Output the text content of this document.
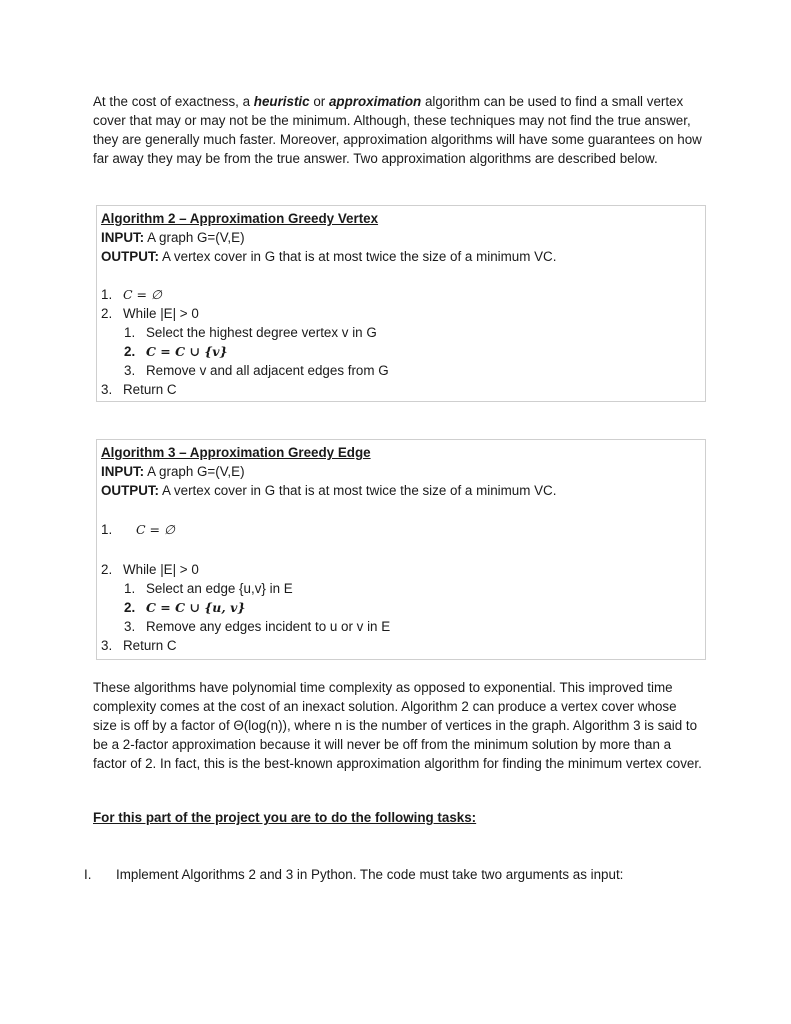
At the cost of exactness, a heuristic or approximation algorithm can be used to find a small vertex cover that may or may not be the minimum. Although, these techniques may not find the true answer, they are generally much faster. Moreover, approximation algorithms will have some guarantees on how far away they may be from the true answer. Two approximation algorithms are described below.

Algorithm 2 – Approximation Greedy Vertex
INPUT: A graph G=(V,E)
OUTPUT: A vertex cover in G that is at most twice the size of a minimum VC.
1. C = ∅
2. While |E| > 0
1. Select the highest degree vertex v in G
2. C = C ∪ {v}
3. Remove v and all adjacent edges from G
3. Return C
Algorithm 3 – Approximation Greedy Edge
INPUT: A graph G=(V,E)
OUTPUT: A vertex cover in G that is at most twice the size of a minimum VC.
1. C = ∅
2. While |E| > 0
1. Select an edge {u,v} in E
2. C = C ∪ {u, v}
3. Remove any edges incident to u or v in E
3. Return C

These algorithms have polynomial time complexity as opposed to exponential. This improved time complexity comes at the cost of an inexact solution. Algorithm 2 can produce a vertex cover whose size is off by a factor of Θ(log(n)), where n is the number of vertices in the graph. Algorithm 3 is said to be a 2-factor approximation because it will never be off from the minimum solution by more than a factor of 2. In fact, this is the best-known approximation algorithm for finding the minimum vertex cover.

For this part of the project you are to do the following tasks:
I. Implement Algorithms 2 and 3 in Python. The code must take two arguments as input:
